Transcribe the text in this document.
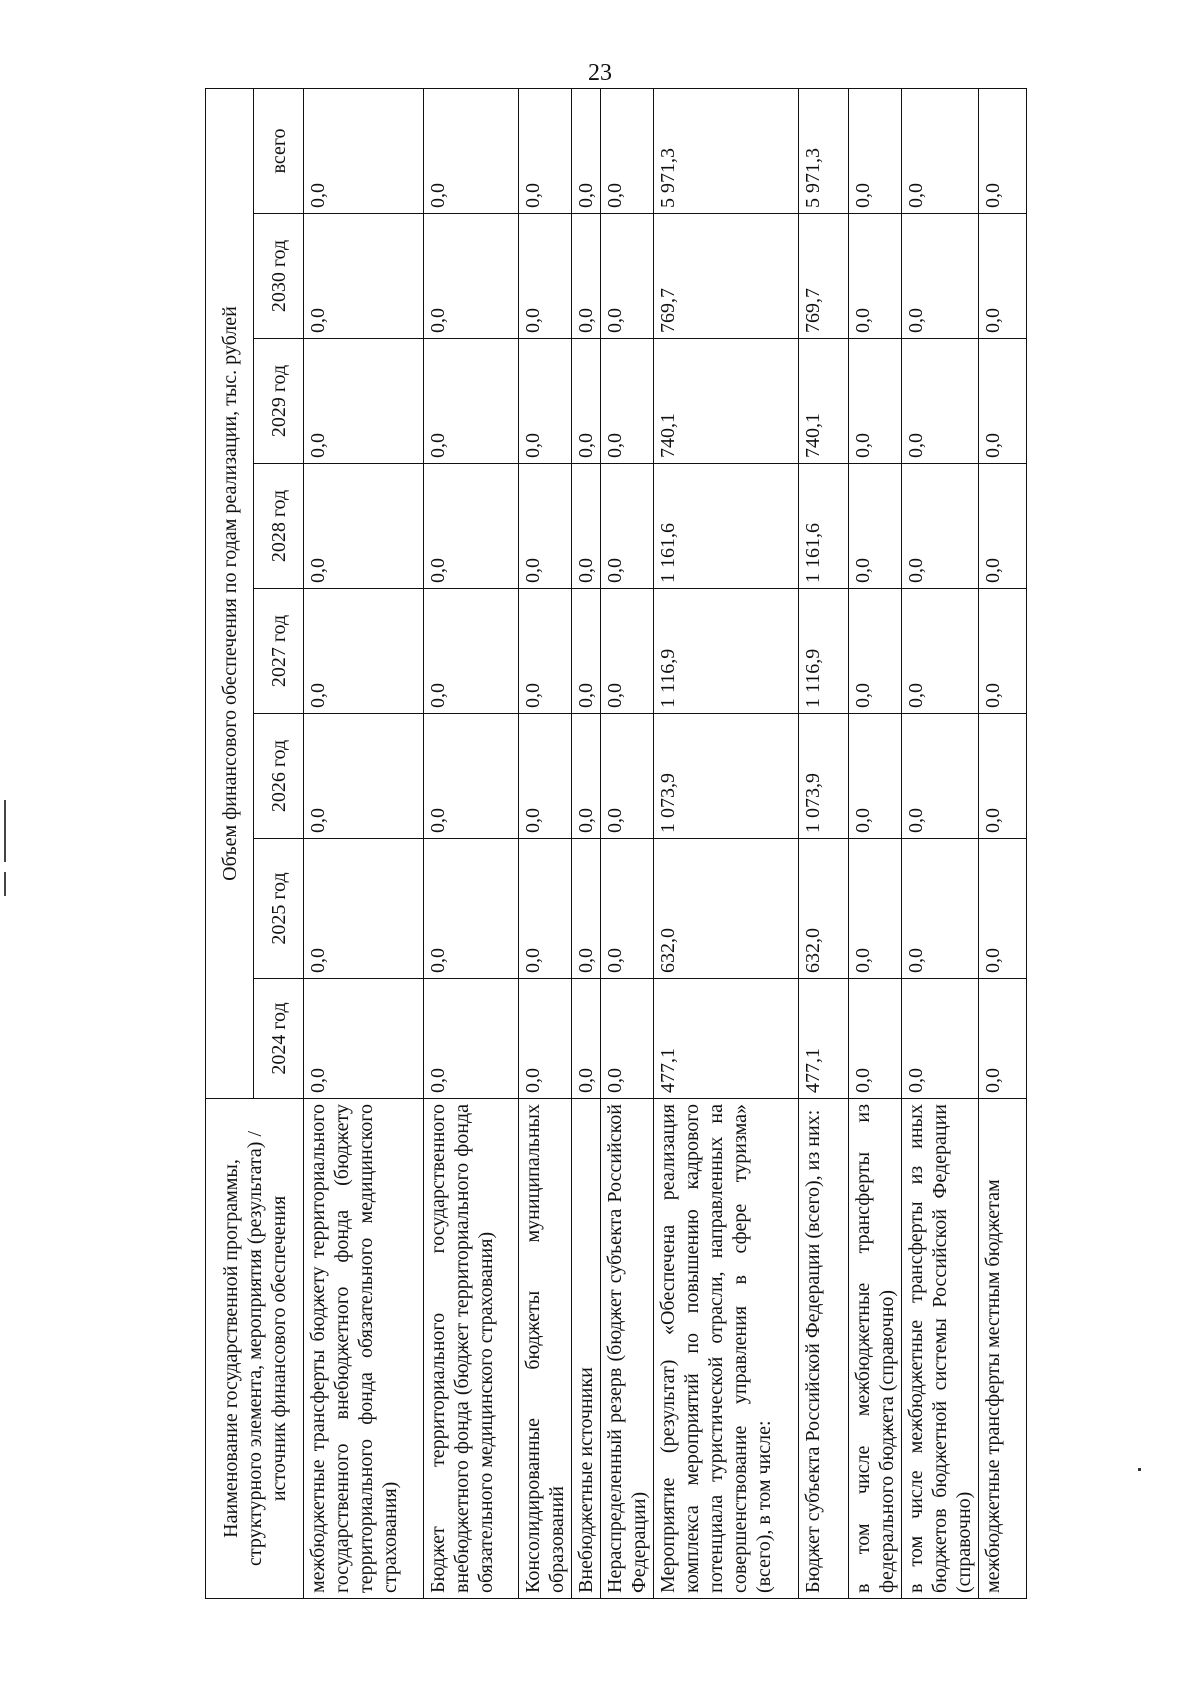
23
Наименование государственной программы, структурного элемента, мероприятия (результата) / источник финансового обеспечения	Объем финансового обеспечения по годам реализации, тыс. рублей							
	2024 год	2025 год	2026 год	2027 год	2028 год	2029 год	2030 год	всего
межбюджетные трансферты бюджету территориального государственного внебюджетного фонда (бюджету территориального фонда обязательного медицинского страхования)	0,0	0,0	0,0	0,0	0,0	0,0	0,0	0,0
Бюджет территориального государственного внебюджетного фонда (бюджет территориального фонда обязательного медицинского страхования)	0,0	0,0	0,0	0,0	0,0	0,0	0,0	0,0
Консолидированные бюджеты муниципальных образований	0,0	0,0	0,0	0,0	0,0	0,0	0,0	0,0
Внебюджетные источники	0,0	0,0	0,0	0,0	0,0	0,0	0,0	0,0
Нераспределенный резерв (бюджет субъекта Российской Федерации)	0,0	0,0	0,0	0,0	0,0	0,0	0,0	0,0
Мероприятие (результат) «Обеспечена реализация комплекса мероприятий по повышению кадрового потенциала туристической отрасли, направленных на совершенствование управления в сфере туризма» (всего), в том числе:	477,1	632,0	1 073,9	1 116,9	1 161,6	740,1	769,7	5 971,3
Бюджет субъекта Российской Федерации (всего), из них:	477,1	632,0	1 073,9	1 116,9	1 161,6	740,1	769,7	5 971,3
в том числе межбюджетные трансферты из федерального бюджета (справочно)	0,0	0,0	0,0	0,0	0,0	0,0	0,0	0,0
в том числе межбюджетные трансферты из иных бюджетов бюджетной системы Российской Федерации (справочно)	0,0	0,0	0,0	0,0	0,0	0,0	0,0	0,0
межбюджетные трансферты местным бюджетам	0,0	0,0	0,0	0,0	0,0	0,0	0,0	0,0
